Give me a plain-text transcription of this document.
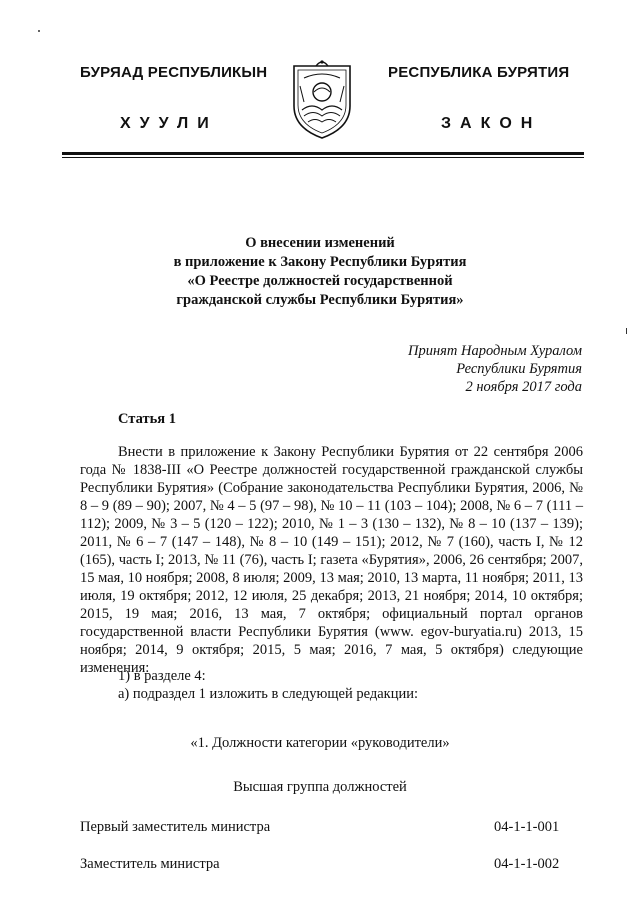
БУРЯАД РЕСПУБЛИКЫН	РЕСПУБЛИКА БУРЯТИЯ
ХУУЛИ	ЗАКОН
О внесении изменений
в приложение к Закону Республики Бурятия
«О Реестре должностей государственной
гражданской службы Республики Бурятия»
Принят Народным Хуралом
Республики Бурятия
2 ноября 2017 года
Статья 1

Внести в приложение к Закону Республики Бурятия от 22 сентября 2006 года № 1838-III «О Реестре должностей государственной гражданской службы Республики Бурятия» (Собрание законодательства Республики Бурятия, 2006, № 8 – 9 (89 – 90); 2007, № 4 – 5 (97 – 98), № 10 – 11 (103 – 104); 2008, № 6 – 7 (111 – 112); 2009, № 3 – 5 (120 – 122); 2010, № 1 – 3 (130 – 132), № 8 – 10 (137 – 139); 2011, № 6 – 7 (147 – 148), № 8 – 10 (149 – 151); 2012, № 7 (160), часть I, № 12 (165), часть I; 2013, № 11 (76), часть I; газета «Бурятия», 2006, 26 сентября; 2007, 15 мая, 10 ноября; 2008, 8 июля; 2009, 13 мая; 2010, 13 марта, 11 ноября; 2011, 13 июля, 19 октября; 2012, 12 июля, 25 декабря; 2013, 21 ноября; 2014, 10 октября; 2015, 19 мая; 2016, 13 мая, 7 октября; официальный портал органов государственной власти Республики Бурятия (www. egov-buryatia.ru) 2013, 15 ноября; 2014, 9 октября; 2015, 5 мая; 2016, 7 мая, 5 октября) следующие изменения:

1) в разделе 4:
а) подраздел 1 изложить в следующей редакции:
«1. Должности категории «руководители»
Высшая группа должностей
Первый заместитель министра	04-1-1-001
Заместитель министра	04-1-1-002
